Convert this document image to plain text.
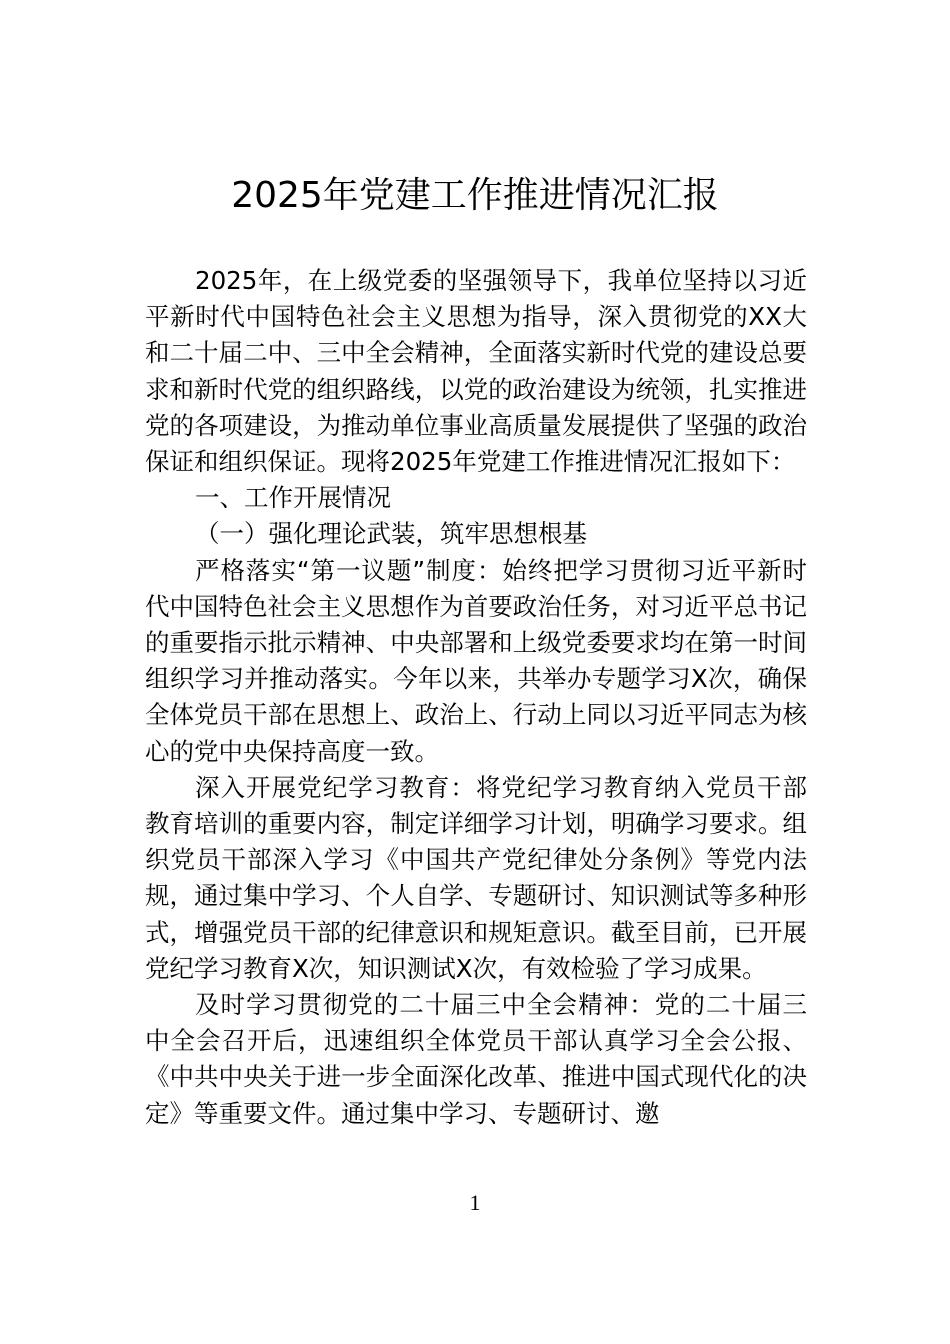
2025年党建工作推进情况汇报

2025年，在上级党委的坚强领导下，我单位坚持以习近平新时代中国特色社会主义思想为指导，深入贯彻党的XX大和二十届二中、三中全会精神，全面落实新时代党的建设总要求和新时代党的组织路线，以党的政治建设为统领，扎实推进党的各项建设，为推动单位事业高质量发展提供了坚强的政治保证和组织保证。现将2025年党建工作推进情况汇报如下：

一、工作开展情况

（一）强化理论武装，筑牢思想根基

严格落实“第一议题”制度：始终把学习贯彻习近平新时代中国特色社会主义思想作为首要政治任务，对习近平总书记的重要指示批示精神、中央部署和上级党委要求均在第一时间组织学习并推动落实。今年以来，共举办专题学习X次，确保全体党员干部在思想上、政治上、行动上同以习近平同志为核心的党中央保持高度一致。

深入开展党纪学习教育：将党纪学习教育纳入党员干部教育培训的重要内容，制定详细学习计划，明确学习要求。组织党员干部深入学习《中国共产党纪律处分条例》等党内法规，通过集中学习、个人自学、专题研讨、知识测试等多种形式，增强党员干部的纪律意识和规矩意识。截至目前，已开展党纪学习教育X次，知识测试X次，有效检验了学习成果。

及时学习贯彻党的二十届三中全会精神：党的二十届三中全会召开后，迅速组织全体党员干部认真学习全会公报、《中共中央关于进一步全面深化改革、推进中国式现代化的决定》等重要文件。通过集中学习、专题研讨、邀

1
